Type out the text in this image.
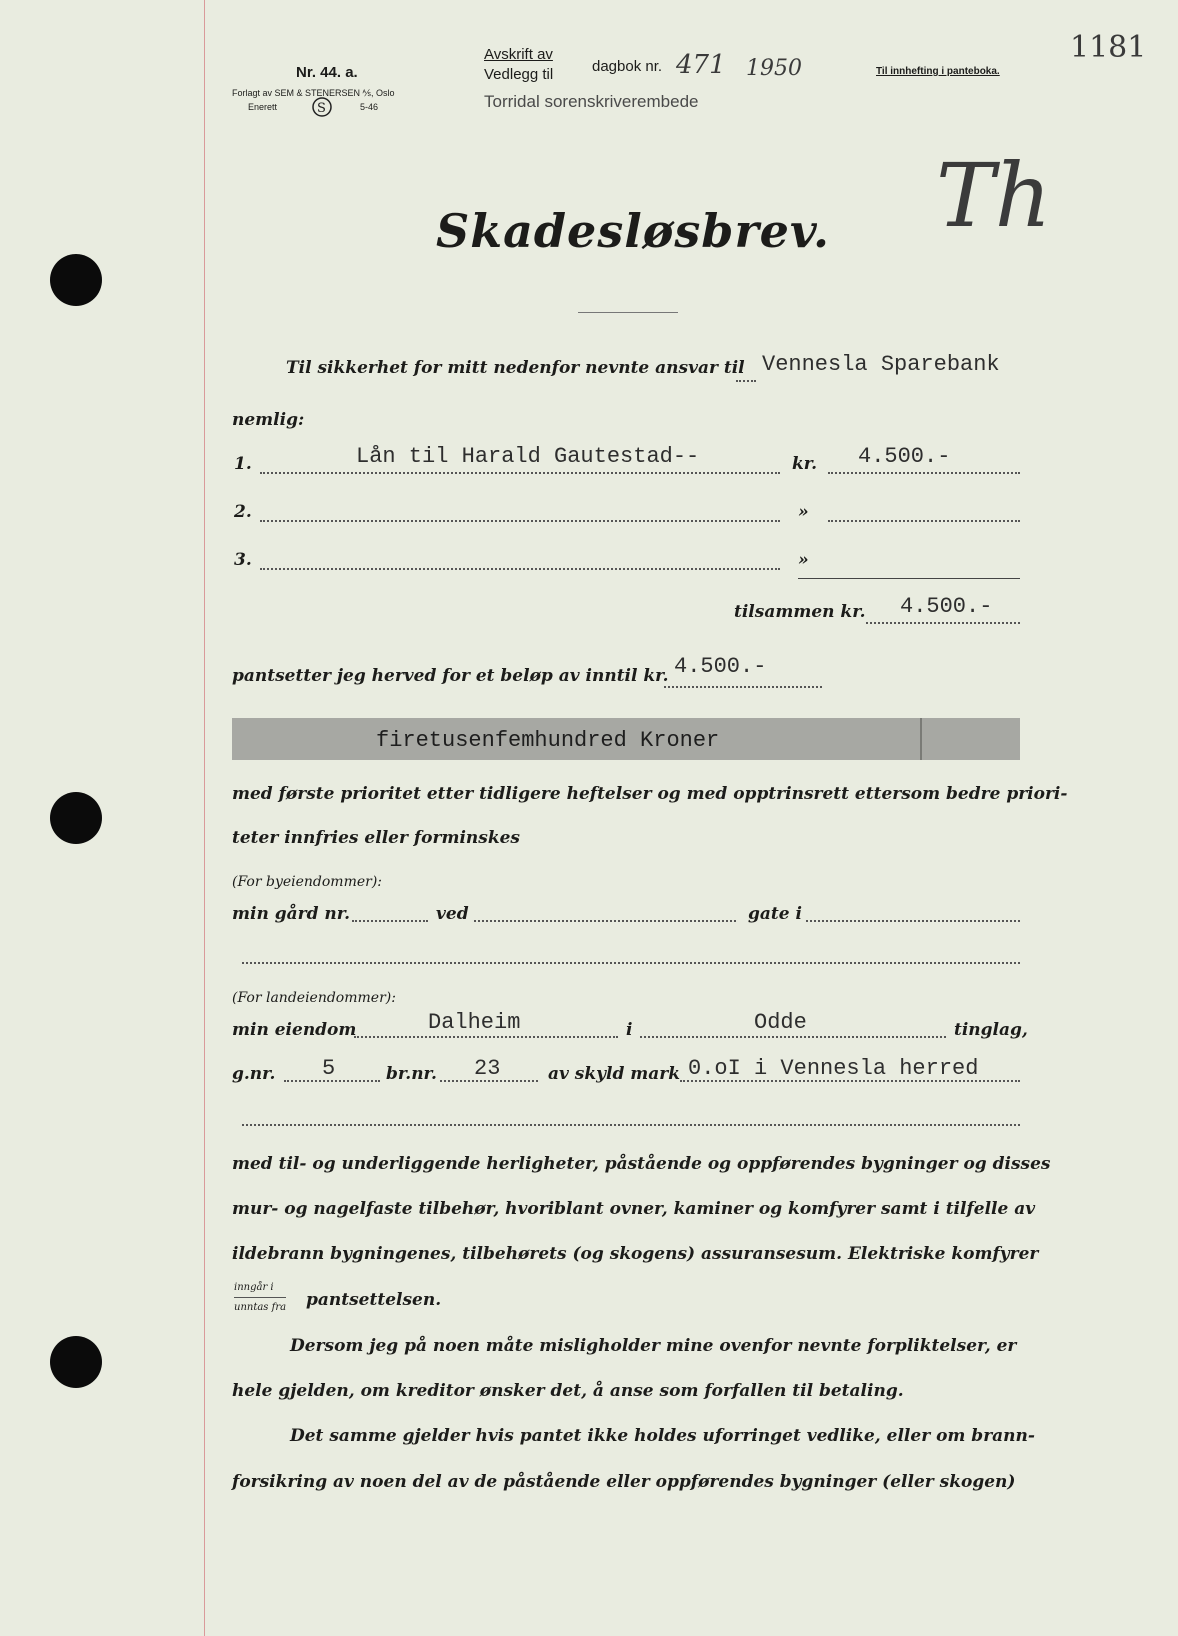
Nr. 44. a.
Forlagt av SEM & STENERSEN ⅍, Oslo
Enerett	S	5-46
Avskrift av
Vedlegg til	dagbok nr. 471 1950
Torridal sorenskriverembede
Til innhefting i panteboka.
1181
Th
Skadesløsbrev.
Til sikkerhet for mitt nedenfor nevnte ansvar til Vennesla Sparebank
nemlig:
1.	Lån til Harald Gautestad--	kr. 4.500.-
2.	»
3.	»
tilsammen kr. 4.500.-
pantsetter jeg herved for et beløp av inntil kr. 4.500.-
firetusenfemhundred Kroner
med første prioritet etter tidligere heftelser og med opptrinsrett ettersom bedre priori-
teter innfries eller forminskes
(For byeiendommer):
min gård nr.	ved	gate i
(For landeiendommer):
min eiendom	Dalheim	i	Odde	tinglag,
g.nr. 5	br.nr. 23	av skyld mark 0.oI i Vennesla herred
med til- og underliggende herligheter, påstående og oppførendes bygninger og disses
mur- og nagelfaste tilbehør, hvoriblant ovner, kaminer og komfyrer samt i tilfelle av
ildebrann bygningenes, tilbehørets (og skogens) assuransesum. Elektriske komfyrer
inngår i
unntas fra pantsettelsen.
Dersom jeg på noen måte misligholder mine ovenfor nevnte forpliktelser, er
hele gjelden, om kreditor ønsker det, å anse som forfallen til betaling.
Det samme gjelder hvis pantet ikke holdes uforringet vedlike, eller om brann-
forsikring av noen del av de påstående eller oppførendes bygninger (eller skogen)
